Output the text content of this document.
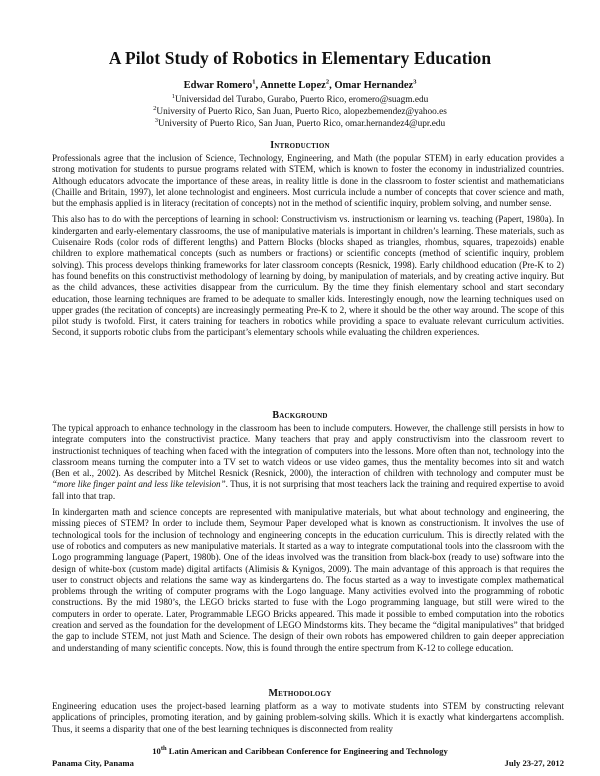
A Pilot Study of Robotics in Elementary Education
Edwar Romero$^1$, Annette Lopez$^2$, Omar Hernandez$^3$
$^1$Universidad del Turabo, Gurabo, Puerto Rico, eromero@suagm.edu
$^2$University of Puerto Rico, San Juan, Puerto Rico, alopezbemendez@yahoo.es
$^3$University of Puerto Rico, San Juan, Puerto Rico, omar.hernandez4@upr.edu
Introduction

Professionals agree that the inclusion of Science, Technology, Engineering, and Math (the popular STEM) in early education provides a strong motivation for students to pursue programs related with STEM, which is known to foster the economy in industrialized countries. Although educators advocate the importance of these areas, in reality little is done in the classroom to foster scientist and mathematicians (Chaille and Britain, 1997), let alone technologist and engineers. Most curricula include a number of concepts that cover science and math, but the emphasis applied is in literacy (recitation of concepts) not in the method of scientific inquiry, problem solving, and number sense.

This also has to do with the perceptions of learning in school: Constructivism vs. instructionism or learning vs. teaching (Papert, 1980a). In kindergarten and early-elementary classrooms, the use of manipulative materials is important in children’s learning. These materials, such as Cuisenaire Rods (color rods of different lengths) and Pattern Blocks (blocks shaped as triangles, rhombus, squares, trapezoids) enable children to explore mathematical concepts (such as numbers or fractions) or scientific concepts (method of scientific inquiry, problem solving). This process develops thinking frameworks for later classroom concepts (Resnick, 1998). Early childhood education (Pre-K to 2) has found benefits on this constructivist methodology of learning by doing, by manipulation of materials, and by creating active inquiry. But as the child advances, these activities disappear from the curriculum. By the time they finish elementary school and start secondary education, those learning techniques are framed to be adequate to smaller kids. Interestingly enough, now the learning techniques used on upper grades (the recitation of concepts) are increasingly permeating Pre-K to 2, where it should be the other way around. The scope of this pilot study is twofold. First, it caters training for teachers in robotics while providing a space to evaluate relevant curriculum activities. Second, it supports robotic clubs from the participant’s elementary schools while evaluating the children experiences.

Background

The typical approach to enhance technology in the classroom has been to include computers. However, the challenge still persists in how to integrate computers into the constructivist practice. Many teachers that pray and apply constructivism into the classroom revert to instructionist techniques of teaching when faced with the integration of computers into the lessons. More often than not, technology into the classroom means turning the computer into a TV set to watch videos or use video games, thus the mentality becomes into sit and watch (Ben et al., 2002). As described by Mitchel Resnick (Resnick, 2000), the interaction of children with technology and computer must be “more like finger paint and less like television”. Thus, it is not surprising that most teachers lack the training and required expertise to avoid fall into that trap.

In kindergarten math and science concepts are represented with manipulative materials, but what about technology and engineering, the missing pieces of STEM? In order to include them, Seymour Paper developed what is known as constructionism. It involves the use of technological tools for the inclusion of technology and engineering concepts in the education curriculum. This is directly related with the use of robotics and computers as new manipulative materials. It started as a way to integrate computational tools into the classroom with the Logo programming language (Papert, 1980b). One of the ideas involved was the transition from black-box (ready to use) software into the design of white-box (custom made) digital artifacts (Alimisis & Kynigos, 2009). The main advantage of this approach is that requires the user to construct objects and relations the same way as kindergartens do. The focus started as a way to investigate complex mathematical problems through the writing of computer programs with the Logo language. Many activities evolved into the programming of robotic constructions. By the mid 1980’s, the LEGO bricks started to fuse with the Logo programming language, but still were wired to the computers in order to operate. Later, Programmable LEGO Bricks appeared. This made it possible to embed computation into the robotics creation and served as the foundation for the development of LEGO Mindstorms kits. They became the “digital manipulatives” that bridged the gap to include STEM, not just Math and Science. The design of their own robots has empowered children to gain deeper appreciation and understanding of many scientific concepts. Now, this is found through the entire spectrum from K-12 to college education.

Methodology

Engineering education uses the project-based learning platform as a way to motivate students into STEM by constructing relevant applications of principles, promoting iteration, and by gaining problem-solving skills. Which it is exactly what kindergartens accomplish. Thus, it seems a disparity that one of the best learning techniques is disconnected from reality

10th Latin American and Caribbean Conference for Engineering and Technology
Panama City, Panama	July 23-27, 2012
